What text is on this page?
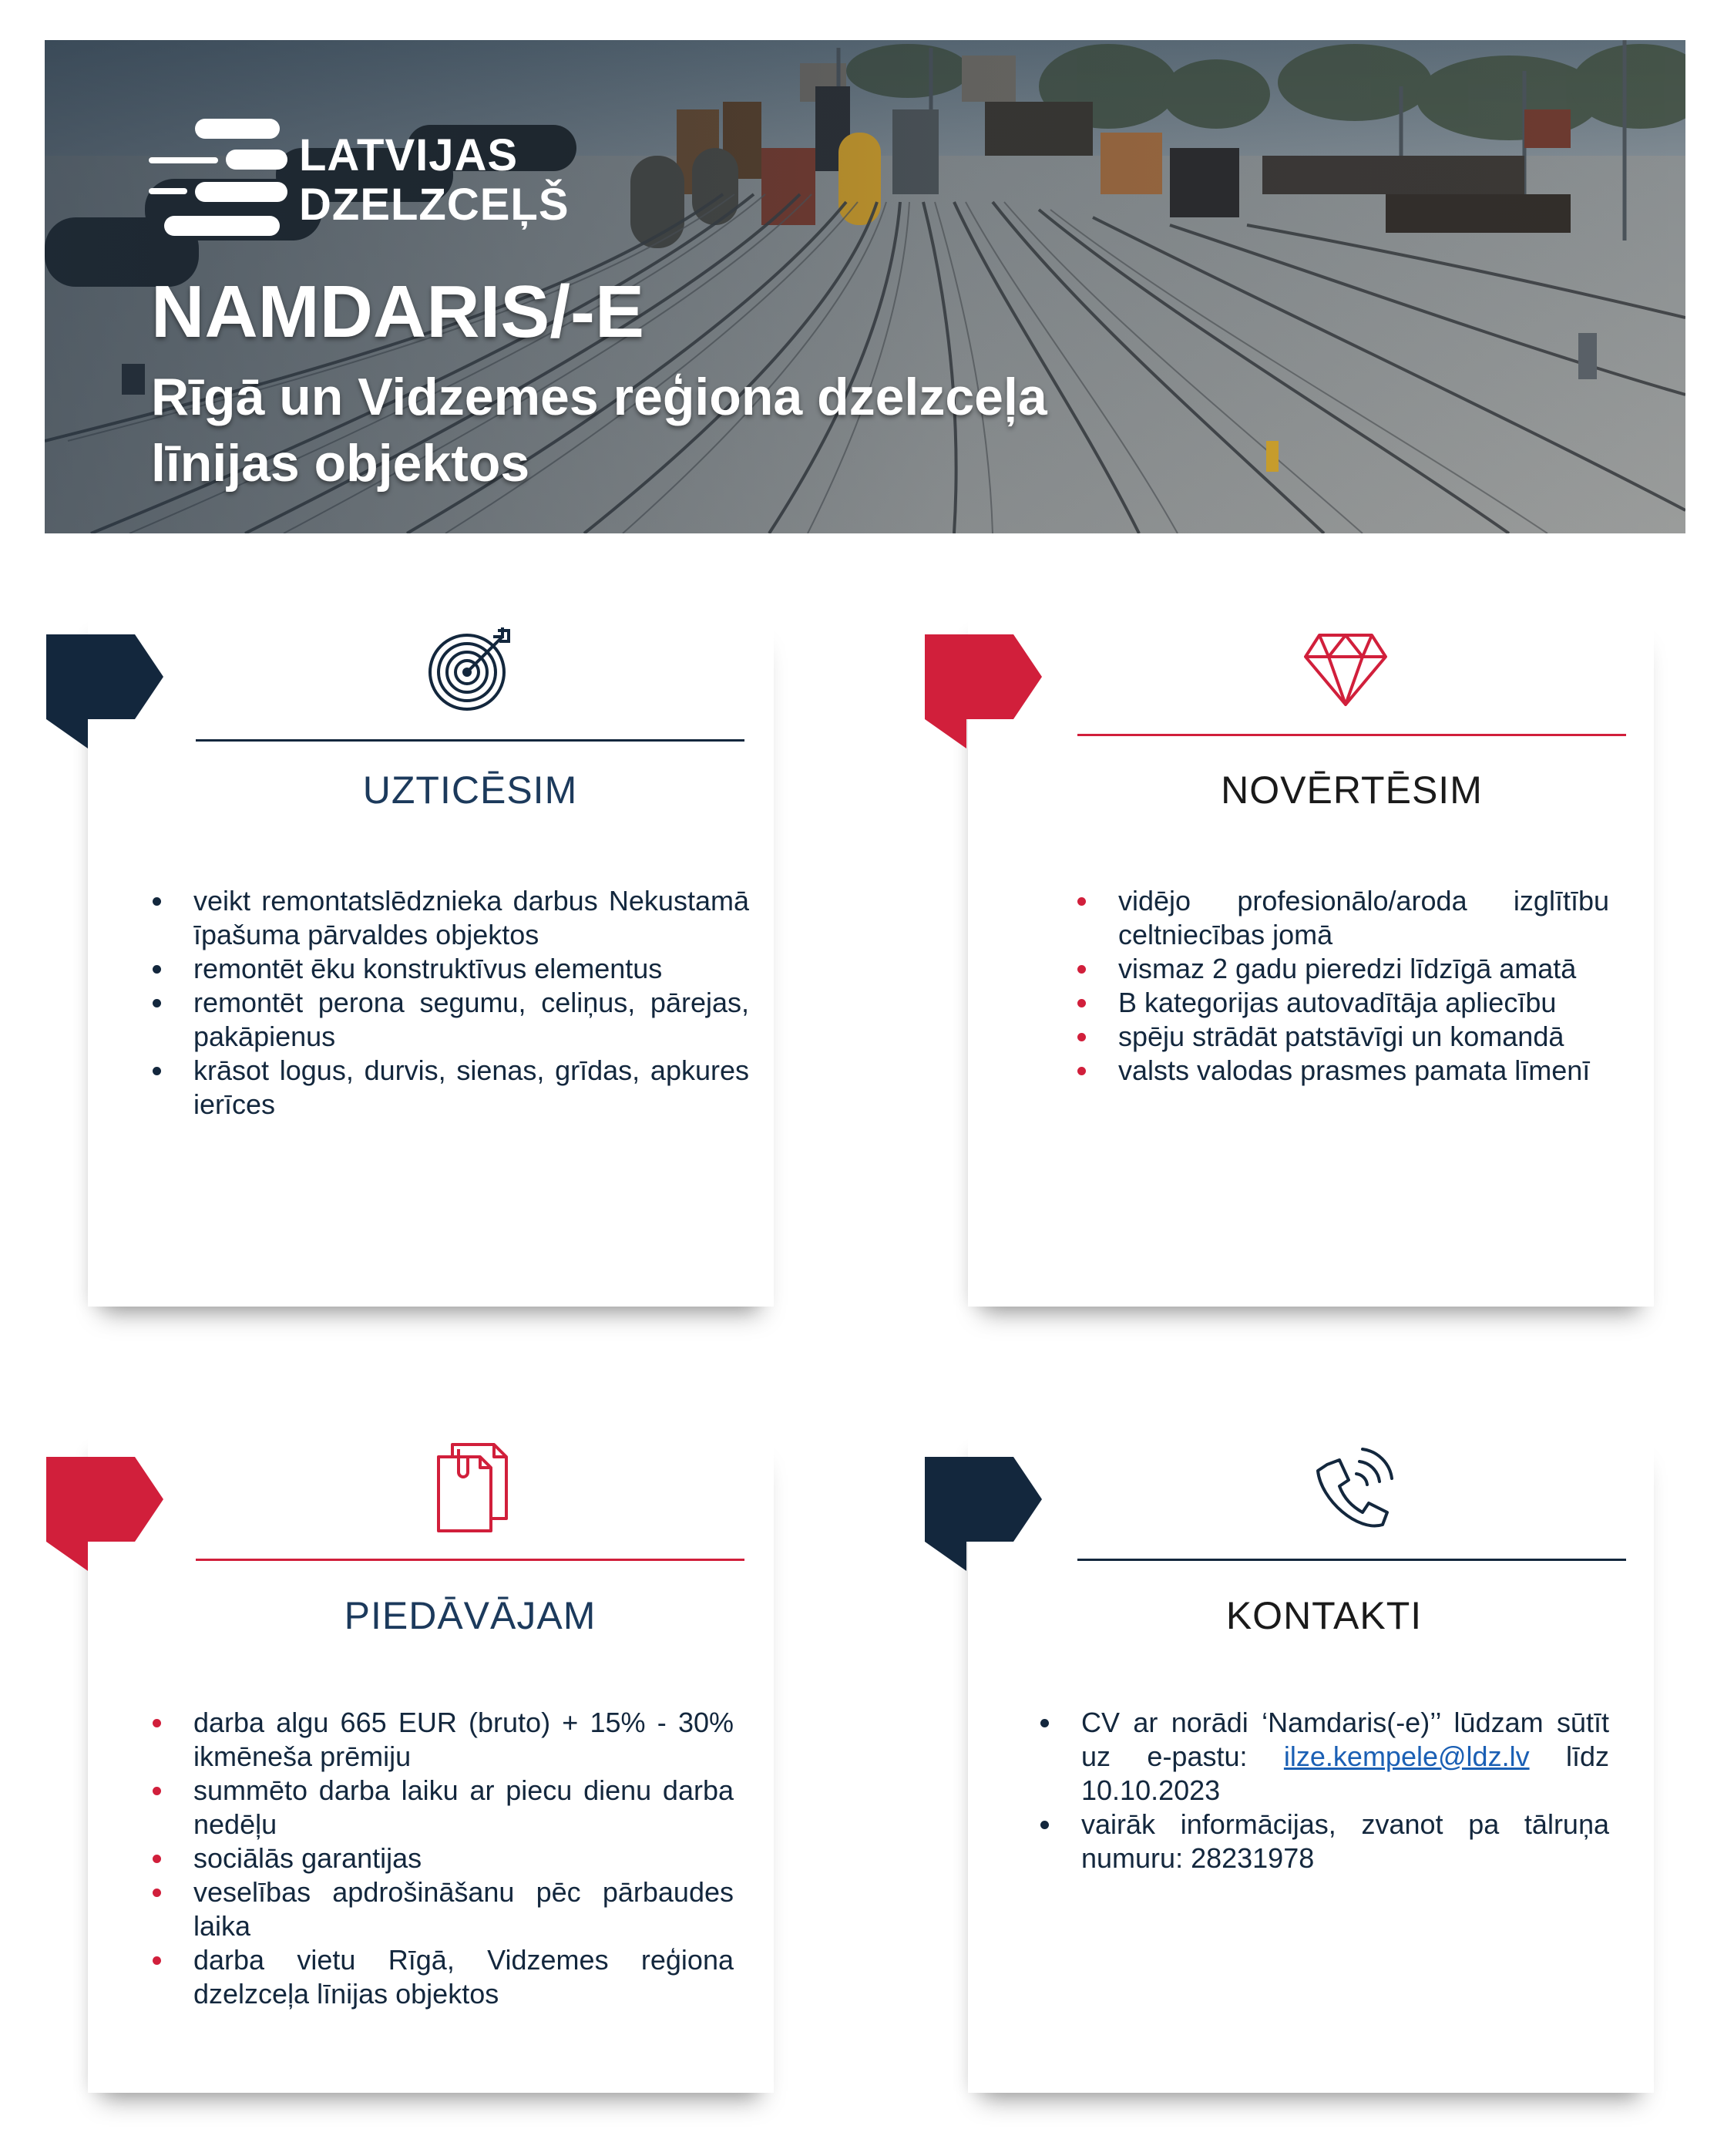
LATVIJAS
DZELZCEĻŠ
NAMDARIS/-E
Rīgā un Vidzemes reģiona dzelzceļa
līnijas objektos
UZTICĒSIM	NOVĒRTĒSIM
PIEDĀVĀJAM	KONTAKTI
veikt remontatslēdznieka darbus Nekustamā īpašuma pārvaldes objektos
remontēt ēku konstruktīvus elementus
remontēt perona segumu, celiņus, pārejas, pakāpienus
krāsot logus, durvis, sienas, grīdas, apkures ierīces
vidējo profesionālo/aroda izglītību celtniecības jomā
vismaz 2 gadu pieredzi līdzīgā amatā
B kategorijas autovadītāja apliecību
spēju strādāt patstāvīgi un komandā
valsts valodas prasmes pamata līmenī
darba algu 665 EUR (bruto) + 15% - 30% ikmēneša prēmiju
summēto darba laiku ar piecu dienu darba nedēļu
sociālās garantijas
veselības apdrošināšanu pēc pārbaudes laika
darba vietu Rīgā, Vidzemes reģiona dzelzceļa līnijas objektos
CV ar norādi ‘Namdaris(-e)’’ lūdzam sūtīt uz e-pastu: ilze.kempele@ldz.lv līdz 10.10.2023
vairāk informācijas, zvanot pa tālruņa numuru: 28231978
